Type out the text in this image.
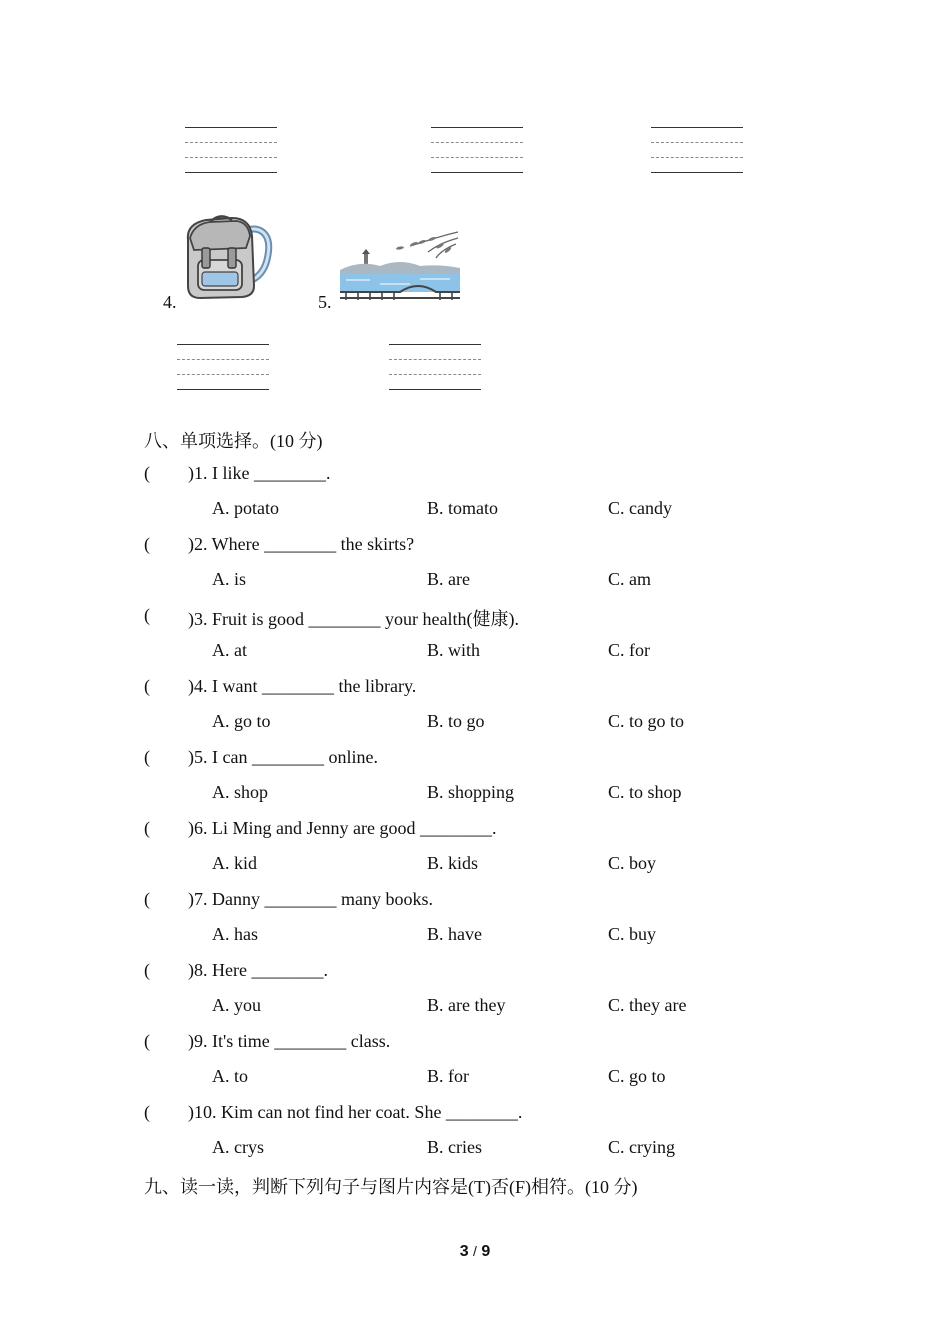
4.	5.
八、单项选择。(10 分)
( )1. I like ________.
A. potato	B. tomato	C. candy
( )2. Where ________ the skirts?
A. is	B. are	C. am
( )3. Fruit is good ________ your health(健康).
A. at	B. with	C. for
( )4. I want ________ the library.
A. go to	B. to go	C. to go to
( )5. I can ________ online.
A. shop	B. shopping	C. to shop
( )6. Li Ming and Jenny are good ________.
A. kid	B. kids	C. boy
( )7. Danny ________ many books.
A. has	B. have	C. buy
( )8. Here ________.
A. you	B. are they	C. they are
( )9. It's time ________ class.
A. to	B. for	C. go to
( )10. Kim can not find her coat. She ________.
A. crys	B. cries	C. crying
九、读一读，判断下列句子与图片内容是(T)否(F)相符。(10 分)
3 / 9
